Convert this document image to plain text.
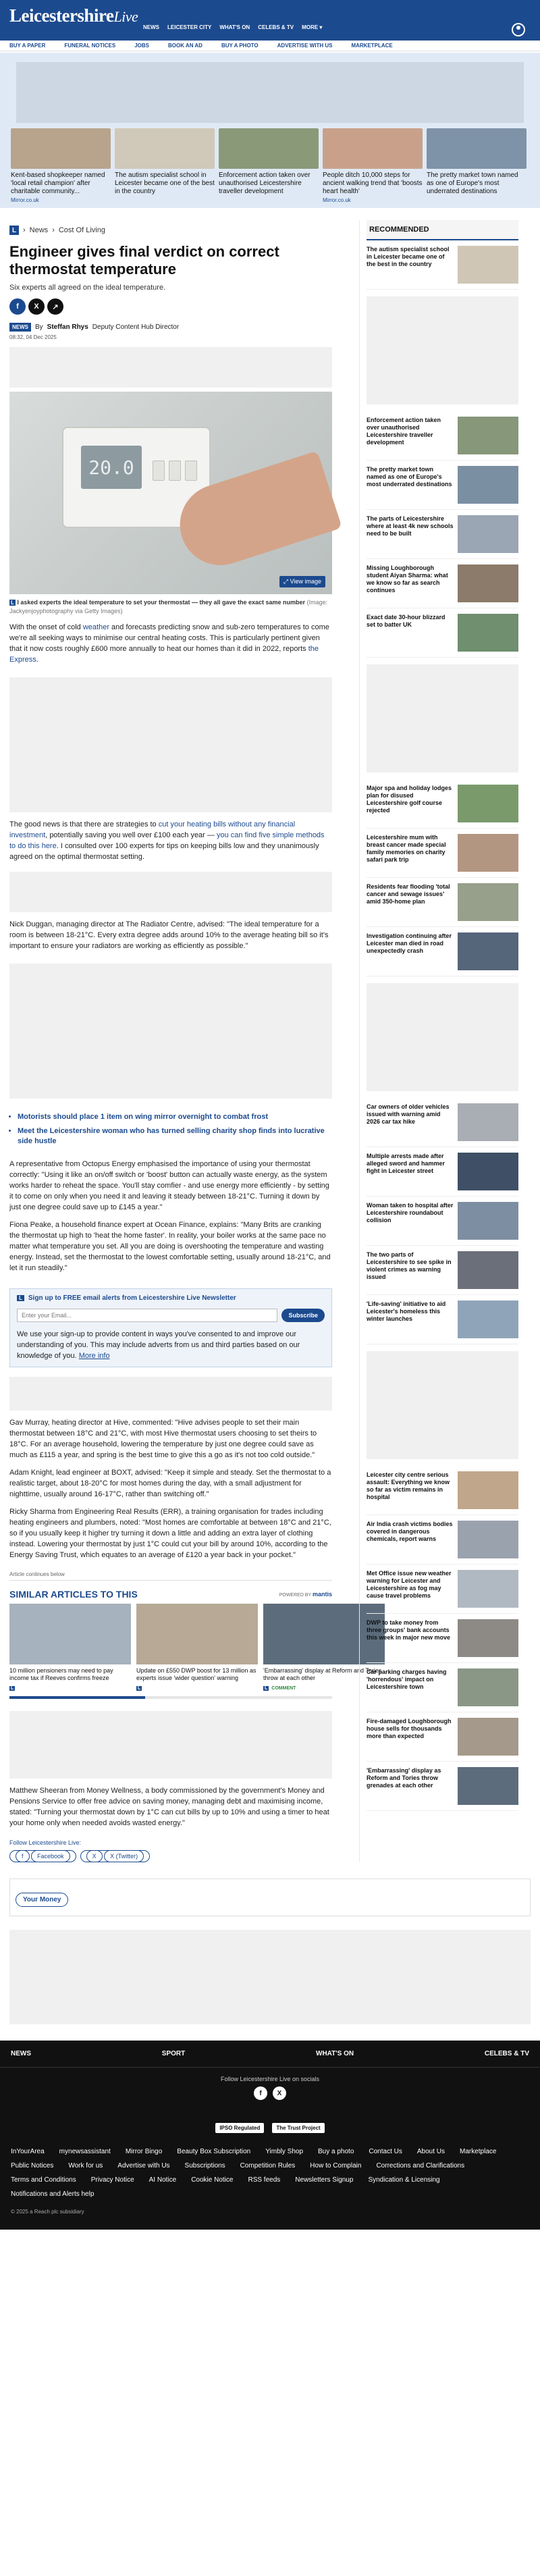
LeicestershireLive
NEWS LEICESTER CITY WHAT'S ON CELEBS & TV MORE ▾
BUY A PAPER	FUNERAL NOTICES	JOBS	BOOK AN AD	BUY A PHOTO	ADVERTISE WITH US	MARKETPLACE
Kent-based shopkeeper named 'local retail champion' after charitable community...
Mirror.co.uk
The autism specialist school in Leicester became one of the best in the country
Enforcement action taken over unauthorised Leicestershire traveller development
People ditch 10,000 steps for ancient walking trend that 'boosts heart health'
Mirror.co.uk
The pretty market town named as one of Europe's most underrated destinations
L › News › Cost Of Living
Engineer gives final verdict on correct thermostat temperature

Six experts all agreed on the ideal temperature.

f	X	↗
NEWS	By Steffan Rhys Deputy Content Hub Director
08:32, 04 Dec 2025
20.0
⤢ View image

L I asked experts the ideal temperature to set your thermostat — they all gave the exact same number (Image: Jackyenjoyphotography via Getty Images)

With the onset of cold weather and forecasts predicting snow and sub-zero temperatures to come we're all seeking ways to minimise our central heating costs. This is particularly pertinent given that it now costs roughly £600 more annually to heat our homes than it did in 2022, reports the Express.

The good news is that there are strategies to cut your heating bills without any financial investment, potentially saving you well over £100 each year — you can find five simple methods to do this here. I consulted over 100 experts for tips on keeping bills low and they unanimously agreed on the optimal thermostat setting.

Nick Duggan, managing director at The Radiator Centre, advised: "The ideal temperature for a room is between 18-21°C. Every extra degree adds around 10% to the average heating bill so it's important to ensure your radiators are working as efficiently as possible."

• Motorists should place 1 item on wing mirror overnight to combat frost
• Meet the Leicestershire woman who has turned selling charity shop finds into lucrative side hustle

A representative from Octopus Energy emphasised the importance of using your thermostat correctly: "Using it like an on/off switch or 'boost' button can actually waste energy, as the system works harder to reheat the space. You'll stay comfier - and use energy more efficiently - by setting it to come on only when you need it and leaving it steady between 18-21°C. Turning it down by just one degree could save up to £145 a year."

Fiona Peake, a household finance expert at Ocean Finance, explains: "Many Brits are cranking the thermostat up high to 'heat the home faster'. In reality, your boiler works at the same pace no matter what temperature you set. All you are doing is overshooting the temperature and wasting energy. Instead, set the thermostat to the lowest comfortable setting, usually around 18-21°C, and let it run steadily."

L Sign up to FREE email alerts from Leicestershire Live Newsletter
Enter your Email...
Subscribe

We use your sign-up to provide content in ways you've consented to and improve our understanding of you. This may include adverts from us and third parties based on our knowledge of you. More info

Gav Murray, heating director at Hive, commented: "Hive advises people to set their main thermostat between 18°C and 21°C, with most Hive thermostat users choosing to set theirs to 18°C. For an average household, lowering the temperature by just one degree could save as much as £115 a year, and spring is the best time to give this a go as it's not too cold outside."

Adam Knight, lead engineer at BOXT, advised: "Keep it simple and steady. Set the thermostat to a realistic target, about 18-20°C for most homes during the day, with a small adjustment for nighttime, usually around 16-17°C, rather than switching off."

Ricky Sharma from Engineering Real Results (ERR), a training organisation for trades including heating engineers and plumbers, noted: "Most homes are comfortable at between 18°C and 21°C, so if you usually keep it higher try turning it down a little and adding an extra layer of clothing instead. Lowering your thermostat by just 1°C could cut your bill by around 10%, according to the Energy Saving Trust, which equates to an average of £120 a year back in your pocket."

Article continues below
SIMILAR ARTICLES TO THIS	POWERED BY mantis
10 million pensioners may need to pay income tax if Reeves confirms freeze
L
Update on £550 DWP boost for 13 million as experts issue 'wider question' warning
L
'Embarrassing' display at Reform and Tories throw at each other
L COMMENT

Matthew Sheeran from Money Wellness, a body commissioned by the government's Money and Pensions Service to offer free advice on saving money, managing debt and maximising income, stated: "Turning your thermostat down by 1°C can cut bills by up to 10% and using a timer to heat your home only when needed avoids wasted energy."

Follow Leicestershire Live:
f Facebook	X X (Twitter)
RECOMMENDED
The autism specialist school in Leicester became one of the best in the country
Enforcement action taken over unauthorised Leicestershire traveller development
The pretty market town named as one of Europe's most underrated destinations
The parts of Leicestershire where at least 4k new schools need to be built
Missing Loughborough student Aiyan Sharma: what we know so far as search continues
Exact date 30-hour blizzard set to batter UK
Major spa and holiday lodges plan for disused Leicestershire golf course rejected
Leicestershire mum with breast cancer made special family memories on charity safari park trip
Residents fear flooding 'total cancer and sewage issues' amid 350-home plan
Investigation continuing after Leicester man died in road unexpectedly crash
Car owners of older vehicles issued with warning amid 2026 car tax hike
Multiple arrests made after alleged sword and hammer fight in Leicester street
Woman taken to hospital after Leicestershire roundabout collision
The two parts of Leicestershire to see spike in violent crimes as warning issued
'Life-saving' initiative to aid Leicester's homeless this winter launches
Leicester city centre serious assault: Everything we know so far as victim remains in hospital
Air India crash victims bodies covered in dangerous chemicals, report warns
Met Office issue new weather warning for Leicester and Leicestershire as fog may cause travel problems
DWP to take money from three groups' bank accounts this week in major new move
Car parking charges having 'horrendous' impact on Leicestershire town
Fire-damaged Loughborough house sells for thousands more than expected
'Embarrassing' display as Reform and Tories throw grenades at each other
Your Money
NEWS	SPORT	WHAT'S ON	CELEBS & TV
Follow Leicestershire Live on socials
f	X
IPSO Regulated	The Trust Project
InYourArea mynewsassistant Mirror Bingo Beauty Box Subscription Yimbly Shop Buy a photo Contact Us About Us Marketplace
Public Notices Work for us Advertise with Us Subscriptions Competition Rules How to Complain Corrections and Clarifications
Terms and Conditions Privacy Notice AI Notice Cookie Notice RSS feeds Newsletters Signup Syndication & Licensing
Notifications and Alerts help
© 2025 a Reach plc subsidiary
